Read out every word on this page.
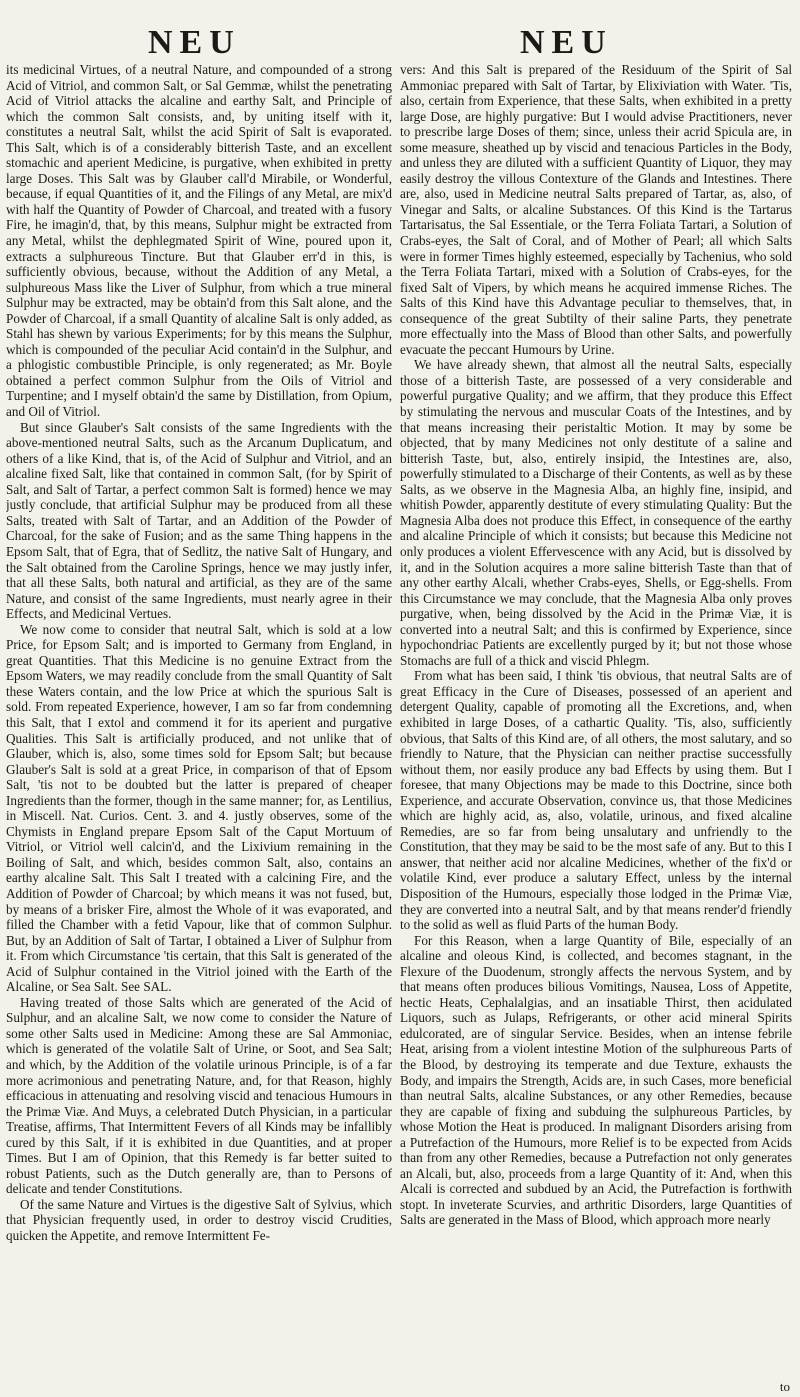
NEU	NEU

its medicinal Virtues, of a neutral Nature, and compounded of a strong Acid of Vitriol, and common Salt, or Sal Gemmæ, whilst the penetrating Acid of Vitriol attacks the alcaline and earthy Salt, and Principle of which the common Salt consists, and, by uniting itself with it, constitutes a neutral Salt, whilst the acid Spirit of Salt is evaporated. This Salt, which is of a considerably bitterish Taste, and an excellent stomachic and aperient Medicine, is purgative, when exhibited in pretty large Doses. This Salt was by Glauber call'd Mirabile, or Wonderful, because, if equal Quantities of it, and the Filings of any Metal, are mix'd with half the Quantity of Powder of Charcoal, and treated with a fusory Fire, he imagin'd, that, by this means, Sulphur might be extracted from any Metal, whilst the dephlegmated Spirit of Wine, poured upon it, extracts a sulphureous Tincture. But that Glauber err'd in this, is sufficiently obvious, because, without the Addition of any Metal, a sulphureous Mass like the Liver of Sulphur, from which a true mineral Sulphur may be extracted, may be obtain'd from this Salt alone, and the Powder of Charcoal, if a small Quantity of alcaline Salt is only added, as Stahl has shewn by various Experiments; for by this means the Sulphur, which is compounded of the peculiar Acid contain'd in the Sulphur, and a phlogistic combustible Principle, is only regenerated; as Mr. Boyle obtained a perfect common Sulphur from the Oils of Vitriol and Turpentine; and I myself obtain'd the same by Distillation, from Opium, and Oil of Vitriol.

But since Glauber's Salt consists of the same Ingredients with the above-mentioned neutral Salts, such as the Arcanum Duplicatum, and others of a like Kind, that is, of the Acid of Sulphur and Vitriol, and an alcaline fixed Salt, like that contained in common Salt, (for by Spirit of Salt, and Salt of Tartar, a perfect common Salt is formed) hence we may justly conclude, that artificial Sulphur may be produced from all these Salts, treated with Salt of Tartar, and an Addition of the Powder of Charcoal, for the sake of Fusion; and as the same Thing happens in the Epsom Salt, that of Egra, that of Sedlitz, the native Salt of Hungary, and the Salt obtained from the Caroline Springs, hence we may justly infer, that all these Salts, both natural and artificial, as they are of the same Nature, and consist of the same Ingredients, must nearly agree in their Effects, and Medicinal Vertues.

We now come to consider that neutral Salt, which is sold at a low Price, for Epsom Salt; and is imported to Germany from England, in great Quantities. That this Medicine is no genuine Extract from the Epsom Waters, we may readily conclude from the small Quantity of Salt these Waters contain, and the low Price at which the spurious Salt is sold. From repeated Experience, however, I am so far from condemning this Salt, that I extol and commend it for its aperient and purgative Qualities. This Salt is artificially produced, and not unlike that of Glauber, which is, also, some times sold for Epsom Salt; but because Glauber's Salt is sold at a great Price, in comparison of that of Epsom Salt, 'tis not to be doubted but the latter is prepared of cheaper Ingredients than the former, though in the same manner; for, as Lentilius, in Miscell. Nat. Curios. Cent. 3. and 4. justly observes, some of the Chymists in England prepare Epsom Salt of the Caput Mortuum of Vitriol, or Vitriol well calcin'd, and the Lixivium remaining in the Boiling of Salt, and which, besides common Salt, also, contains an earthy alcaline Salt. This Salt I treated with a calcining Fire, and the Addition of Powder of Charcoal; by which means it was not fused, but, by means of a brisker Fire, almost the Whole of it was evaporated, and filled the Chamber with a fetid Vapour, like that of common Sulphur. But, by an Addition of Salt of Tartar, I obtained a Liver of Sulphur from it. From which Circumstance 'tis certain, that this Salt is generated of the Acid of Sulphur contained in the Vitriol joined with the Earth of the Alcaline, or Sea Salt. See SAL.

Having treated of those Salts which are generated of the Acid of Sulphur, and an alcaline Salt, we now come to consider the Nature of some other Salts used in Medicine: Among these are Sal Ammoniac, which is generated of the volatile Salt of Urine, or Soot, and Sea Salt; and which, by the Addition of the volatile urinous Principle, is of a far more acrimonious and penetrating Nature, and, for that Reason, highly efficacious in attenuating and resolving viscid and tenacious Humours in the Primæ Viæ. And Muys, a celebrated Dutch Physician, in a particular Treatise, affirms, That Intermittent Fevers of all Kinds may be infallibly cured by this Salt, if it is exhibited in due Quantities, and at proper Times. But I am of Opinion, that this Remedy is far better suited to robust Patients, such as the Dutch generally are, than to Persons of delicate and tender Constitutions.

Of the same Nature and Virtues is the digestive Salt of Sylvius, which that Physician frequently used, in order to destroy viscid Crudities, quicken the Appetite, and remove Intermittent Fe-

vers: And this Salt is prepared of the Residuum of the Spirit of Sal Ammoniac prepared with Salt of Tartar, by Elixiviation with Water. 'Tis, also, certain from Experience, that these Salts, when exhibited in a pretty large Dose, are highly purgative: But I would advise Practitioners, never to prescribe large Doses of them; since, unless their acrid Spicula are, in some measure, sheathed up by viscid and tenacious Particles in the Body, and unless they are diluted with a sufficient Quantity of Liquor, they may easily destroy the villous Contexture of the Glands and Intestines. There are, also, used in Medicine neutral Salts prepared of Tartar, as, also, of Vinegar and Salts, or alcaline Substances. Of this Kind is the Tartarus Tartarisatus, the Sal Essentiale, or the Terra Foliata Tartari, a Solution of Crabs-eyes, the Salt of Coral, and of Mother of Pearl; all which Salts were in former Times highly esteemed, especially by Tachenius, who sold the Terra Foliata Tartari, mixed with a Solution of Crabs-eyes, for the fixed Salt of Vipers, by which means he acquired immense Riches. The Salts of this Kind have this Advantage peculiar to themselves, that, in consequence of the great Subtilty of their saline Parts, they penetrate more effectually into the Mass of Blood than other Salts, and powerfully evacuate the peccant Humours by Urine.

We have already shewn, that almost all the neutral Salts, especially those of a bitterish Taste, are possessed of a very considerable and powerful purgative Quality; and we affirm, that they produce this Effect by stimulating the nervous and muscular Coats of the Intestines, and by that means increasing their peristaltic Motion. It may by some be objected, that by many Medicines not only destitute of a saline and bitterish Taste, but, also, entirely insipid, the Intestines are, also, powerfully stimulated to a Discharge of their Contents, as well as by these Salts, as we observe in the Magnesia Alba, an highly fine, insipid, and whitish Powder, apparently destitute of every stimulating Quality: But the Magnesia Alba does not produce this Effect, in consequence of the earthy and alcaline Principle of which it consists; but because this Medicine not only produces a violent Effervescence with any Acid, but is dissolved by it, and in the Solution acquires a more saline bitterish Taste than that of any other earthy Alcali, whether Crabs-eyes, Shells, or Egg-shells. From this Circumstance we may conclude, that the Magnesia Alba only proves purgative, when, being dissolved by the Acid in the Primæ Viæ, it is converted into a neutral Salt; and this is confirmed by Experience, since hypochondriac Patients are excellently purged by it; but not those whose Stomachs are full of a thick and viscid Phlegm.

From what has been said, I think 'tis obvious, that neutral Salts are of great Efficacy in the Cure of Diseases, possessed of an aperient and detergent Quality, capable of promoting all the Excretions, and, when exhibited in large Doses, of a cathartic Quality. 'Tis, also, sufficiently obvious, that Salts of this Kind are, of all others, the most salutary, and so friendly to Nature, that the Physician can neither practise successfully without them, nor easily produce any bad Effects by using them. But I foresee, that many Objections may be made to this Doctrine, since both Experience, and accurate Observation, convince us, that those Medicines which are highly acid, as, also, volatile, urinous, and fixed alcaline Remedies, are so far from being unsalutary and unfriendly to the Constitution, that they may be said to be the most safe of any. But to this I answer, that neither acid nor alcaline Medicines, whether of the fix'd or volatile Kind, ever produce a salutary Effect, unless by the internal Disposition of the Humours, especially those lodged in the Primæ Viæ, they are converted into a neutral Salt, and by that means render'd friendly to the solid as well as fluid Parts of the human Body.

For this Reason, when a large Quantity of Bile, especially of an alcaline and oleous Kind, is collected, and becomes stagnant, in the Flexure of the Duodenum, strongly affects the nervous System, and by that means often produces bilious Vomitings, Nausea, Loss of Appetite, hectic Heats, Cephalalgias, and an insatiable Thirst, then acidulated Liquors, such as Julaps, Refrigerants, or other acid mineral Spirits edulcorated, are of singular Service. Besides, when an intense febrile Heat, arising from a violent intestine Motion of the sulphureous Parts of the Blood, by destroying its temperate and due Texture, exhausts the Body, and impairs the Strength, Acids are, in such Cases, more beneficial than neutral Salts, alcaline Substances, or any other Remedies, because they are capable of fixing and subduing the sulphureous Particles, by whose Motion the Heat is produced. In malignant Disorders arising from a Putrefaction of the Humours, more Relief is to be expected from Acids than from any other Remedies, because a Putrefaction not only generates an Alcali, but, also, proceeds from a large Quantity of it: And, when this Alcali is corrected and subdued by an Acid, the Putrefaction is forthwith stopt. In inveterate Scurvies, and arthritic Disorders, large Quantities of Salts are generated in the Mass of Blood, which approach more nearly

to
